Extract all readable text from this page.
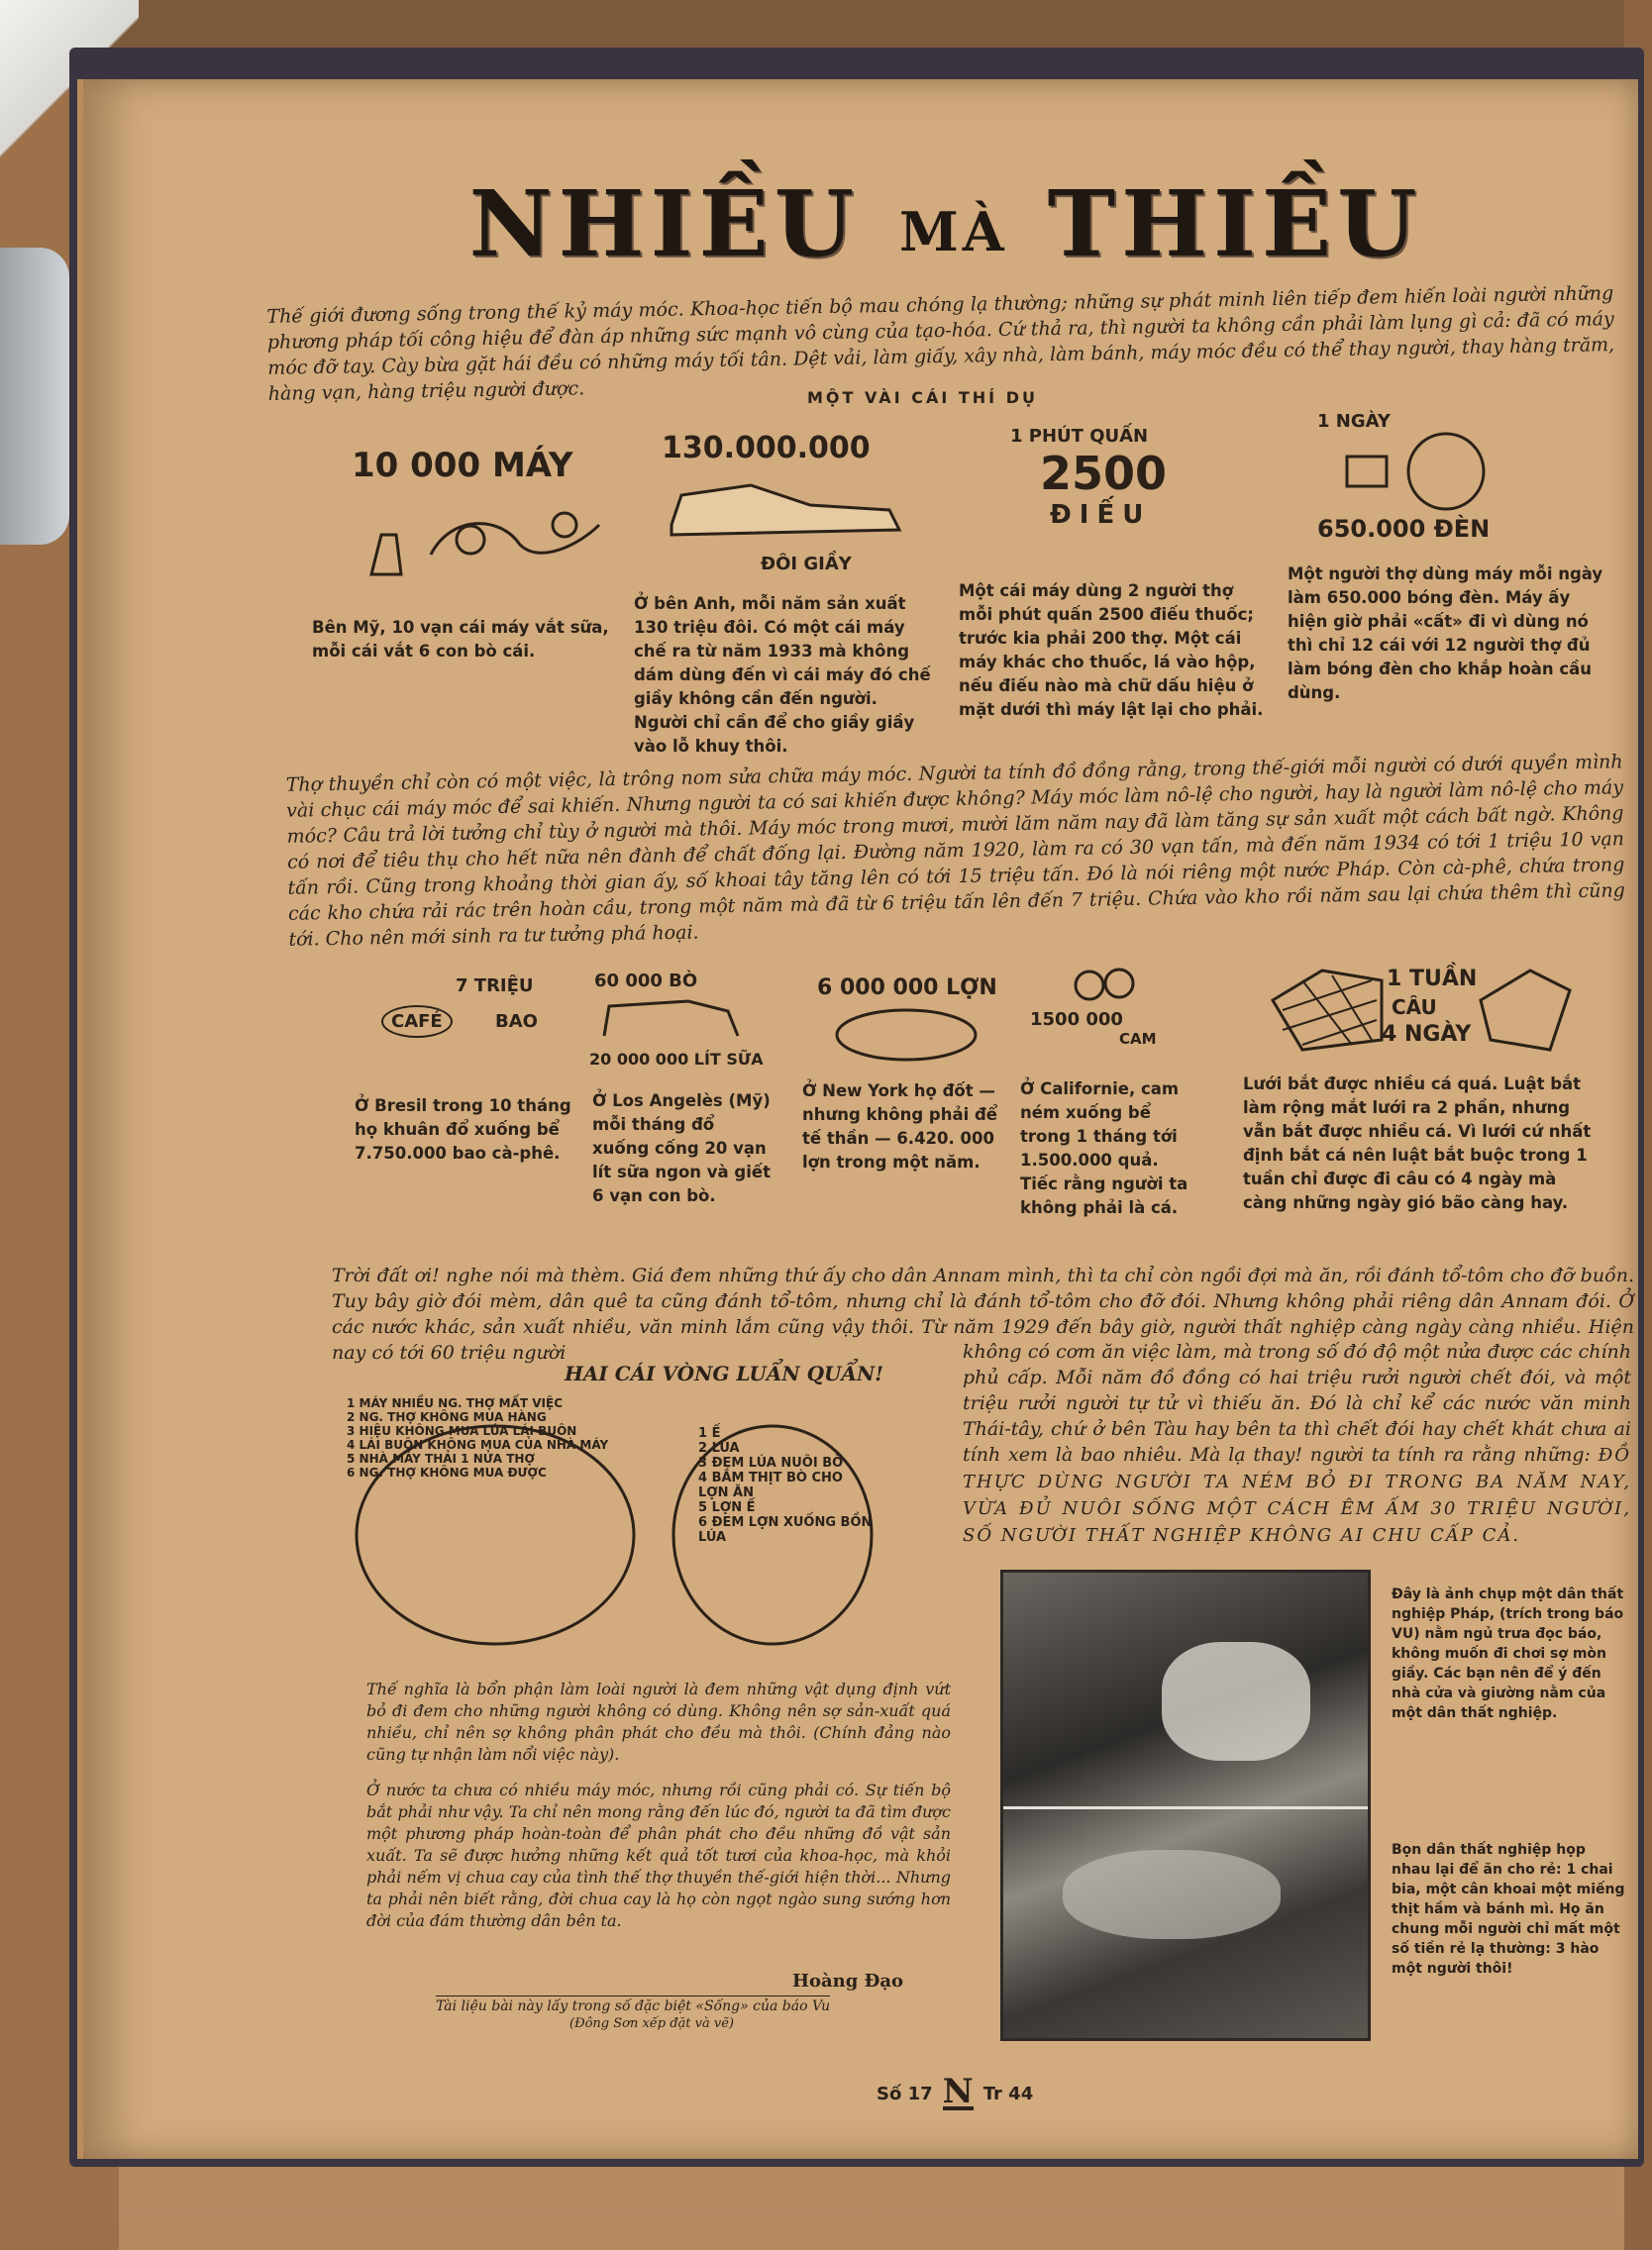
NHIỀU MÀ THIỀU
Thế giới đương sống trong thế kỷ máy móc. Khoa-học tiến bộ mau chóng lạ thường; những sự phát minh liên tiếp đem hiến loài người những phương pháp tối công hiệu để đàn áp những sức mạnh vô cùng của tạo-hóa. Cứ thả ra, thì người ta không cần phải làm lụng gì cả: đã có máy móc đỡ tay. Cày bừa gặt hái đều có những máy tối tân. Dệt vải, làm giấy, xây nhà, làm bánh, máy móc đều có thể thay người, thay hàng trăm, hàng vạn, hàng triệu người được.	MỘT VÀI CÁI THÍ DỤ
10 000 MÁY
Bên Mỹ, 10 vạn cái máy vắt sữa, mỗi cái vắt 6 con bò cái.
130.000.000
ĐÔI GIẦY
Ở bên Anh, mỗi năm sản xuất 130 triệu đôi. Có một cái máy chế ra từ năm 1933 mà không dám dùng đến vì cái máy đó chế giầy không cần đến người. Người chỉ cần để cho giầy giầy vào lỗ khuy thôi.
1 PHÚT QUẤN
2500
ĐIẾU
Một cái máy dùng 2 người thợ mỗi phút quấn 2500 điếu thuốc; trước kia phải 200 thợ. Một cái máy khác cho thuốc, lá vào hộp, nếu điếu nào mà chữ dấu hiệu ở mặt dưới thì máy lật lại cho phải.
1 NGÀY
650.000 ĐÈN
Một người thợ dùng máy mỗi ngày làm 650.000 bóng đèn. Máy ấy hiện giờ phải «cất» đi vì dùng nó thì chỉ 12 cái với 12 người thợ đủ làm bóng đèn cho khắp hoàn cầu dùng.
Thợ thuyền chỉ còn có một việc, là trông nom sửa chữa máy móc. Người ta tính đồ đồng rằng, trong thế-giới mỗi người có dưới quyền mình vài chục cái máy móc để sai khiến. Nhưng người ta có sai khiến được không? Máy móc làm nô-lệ cho người, hay là người làm nô-lệ cho máy móc? Câu trả lời tưởng chỉ tùy ở người mà thôi. Máy móc trong mươi, mười lăm năm nay đã làm tăng sự sản xuất một cách bất ngờ. Không có nơi để tiêu thụ cho hết nữa nên đành để chất đống lại. Đường năm 1920, làm ra có 30 vạn tấn, mà đến năm 1934 có tới 1 triệu 10 vạn tấn rồi. Cũng trong khoảng thời gian ấy, số khoai tây tăng lên có tới 15 triệu tấn. Đó là nói riêng một nước Pháp. Còn cà-phê, chứa trong các kho chứa rải rác trên hoàn cầu, trong một năm mà đã từ 6 triệu tấn lên đến 7 triệu. Chứa vào kho rồi năm sau lại chứa thêm thì cũng tới. Cho nên mới sinh ra tư tưởng phá hoại.
7 TRIỆU
CAFÉ	BAO
Ở Bresil trong 10 tháng họ khuân đổ xuống bể 7.750.000 bao cà-phê.
60 000 BÒ
20 000 000 LÍT SỮA
Ở Los Angelès (Mỹ) mỗi tháng đổ xuống cống 20 vạn lít sữa ngon và giết 6 vạn con bò.
6 000 000 LỢN
Ở New York họ đốt — nhưng không phải để tế thần — 6.420. 000 lợn trong một năm.
1500 000
CAM
Ở Californie, cam ném xuống bể trong 1 tháng tới 1.500.000 quả. Tiếc rằng người ta không phải là cá.
1 TUẦN
CÂU
4 NGÀY
Lưới bắt được nhiều cá quá. Luật bắt làm rộng mắt lưới ra 2 phần, nhưng vẫn bắt được nhiều cá. Vì lưới cứ nhất định bắt cá nên luật bắt buộc trong 1 tuần chỉ được đi câu có 4 ngày mà càng những ngày gió bão càng hay.
Trời đất ơi! nghe nói mà thèm. Giá đem những thứ ấy cho dân Annam mình, thì ta chỉ còn ngồi đợi mà ăn, rồi đánh tổ-tôm cho đỡ buồn. Tuy bây giờ đói mèm, dân quê ta cũng đánh tổ-tôm, nhưng chỉ là đánh tổ-tôm cho đỡ đói. Nhưng không phải riêng dân Annam đói. Ở các nước khác, sản xuất nhiều, văn minh lắm cũng vậy thôi. Từ năm 1929 đến bây giờ, người thất nghiệp càng ngày càng nhiều. Hiện nay có tới 60 triệu người	không có cơm ăn việc làm, mà trong số đó độ một nửa được các chính phủ cấp. Mỗi năm đồ đồng có hai triệu rưởi người chết đói, và một triệu rưởi người tự tử vì thiếu ăn. Đó là chỉ kể các nước văn minh Thái-tây, chứ ở bên Tàu hay bên ta thì chết đói hay chết khát chưa ai tính xem là bao nhiêu. Mà lạ thay! người ta tính ra rằng những: ĐỒ THỰC DÙNG NGƯỜI TA NÉM BỎ ĐI TRONG BA NĂM NAY, VỪA ĐỦ NUÔI SỐNG MỘT CÁCH ÊM ẤM 30 TRIỆU NGƯỜI, SỐ NGƯỜI THẤT NGHIỆP KHÔNG AI CHU CẤP CẢ.
HAI CÁI VÒNG LUẨN QUẨN!
1 MÁY NHIỀU NG. THỢ MẤT VIỆC
2 NG. THỢ KHÔNG MUA HÀNG
3 HIỆU KHÔNG MUA LÚA LÁI BUÔN
4 LÁI BUÔN KHÔNG MUA CỦA NHÀ MÁY
5 NHÀ MÁY THẢI 1 NỬA THỢ
6 NG. THỢ KHÔNG MUA ĐƯỢC
1 Ế
2 LÚA
3 ĐEM LÚA NUÔI BÒ
4 BẮM THỊT BÒ CHO LỢN ĂN
5 LỢN Ế
6 ĐEM LỢN XUỐNG BỒN LÚA
Thế nghĩa là bổn phận làm loài người là đem những vật dụng định vứt bỏ đi đem cho những người không có dùng. Không nên sợ sản-xuất quá nhiều, chỉ nên sợ không phân phát cho đều mà thôi. (Chính đảng nào cũng tự nhận làm nổi việc này).
Ở nước ta chưa có nhiều máy móc, nhưng rồi cũng phải có. Sự tiến bộ bắt phải như vậy. Ta chỉ nên mong rằng đến lúc đó, người ta đã tìm được một phương pháp hoàn-toàn để phân phát cho đều những đồ vật sản xuất. Ta sẽ được hưởng những kết quả tốt tươi của khoa-học, mà khỏi phải nếm vị chua cay của tình thế thợ thuyền thế-giới hiện thời... Nhưng ta phải nên biết rằng, đời chua cay là họ còn ngọt ngào sung sướng hơn đời của đám thường dân bên ta.
Hoàng Đạo
Tài liệu bài này lấy trong số đặc biệt «Sống» của báo Vu
(Đông Sơn xếp đặt và vẽ)
Đây là ảnh chụp một dân thất nghiệp Pháp, (trích trong báo VU) nằm ngủ trưa đọc báo, không muốn đi chơi sợ mòn giầy. Các bạn nên để ý đến nhà cửa và giường nằm của một dân thất nghiệp.
Bọn dân thất nghiệp họp nhau lại để ăn cho rẻ: 1 chai bia, một cân khoai một miếng thịt hầm và bánh mì. Họ ăn chung mỗi người chỉ mất một số tiền rẻ lạ thường: 3 hào một người thôi!
Số 17 N Tr 44
